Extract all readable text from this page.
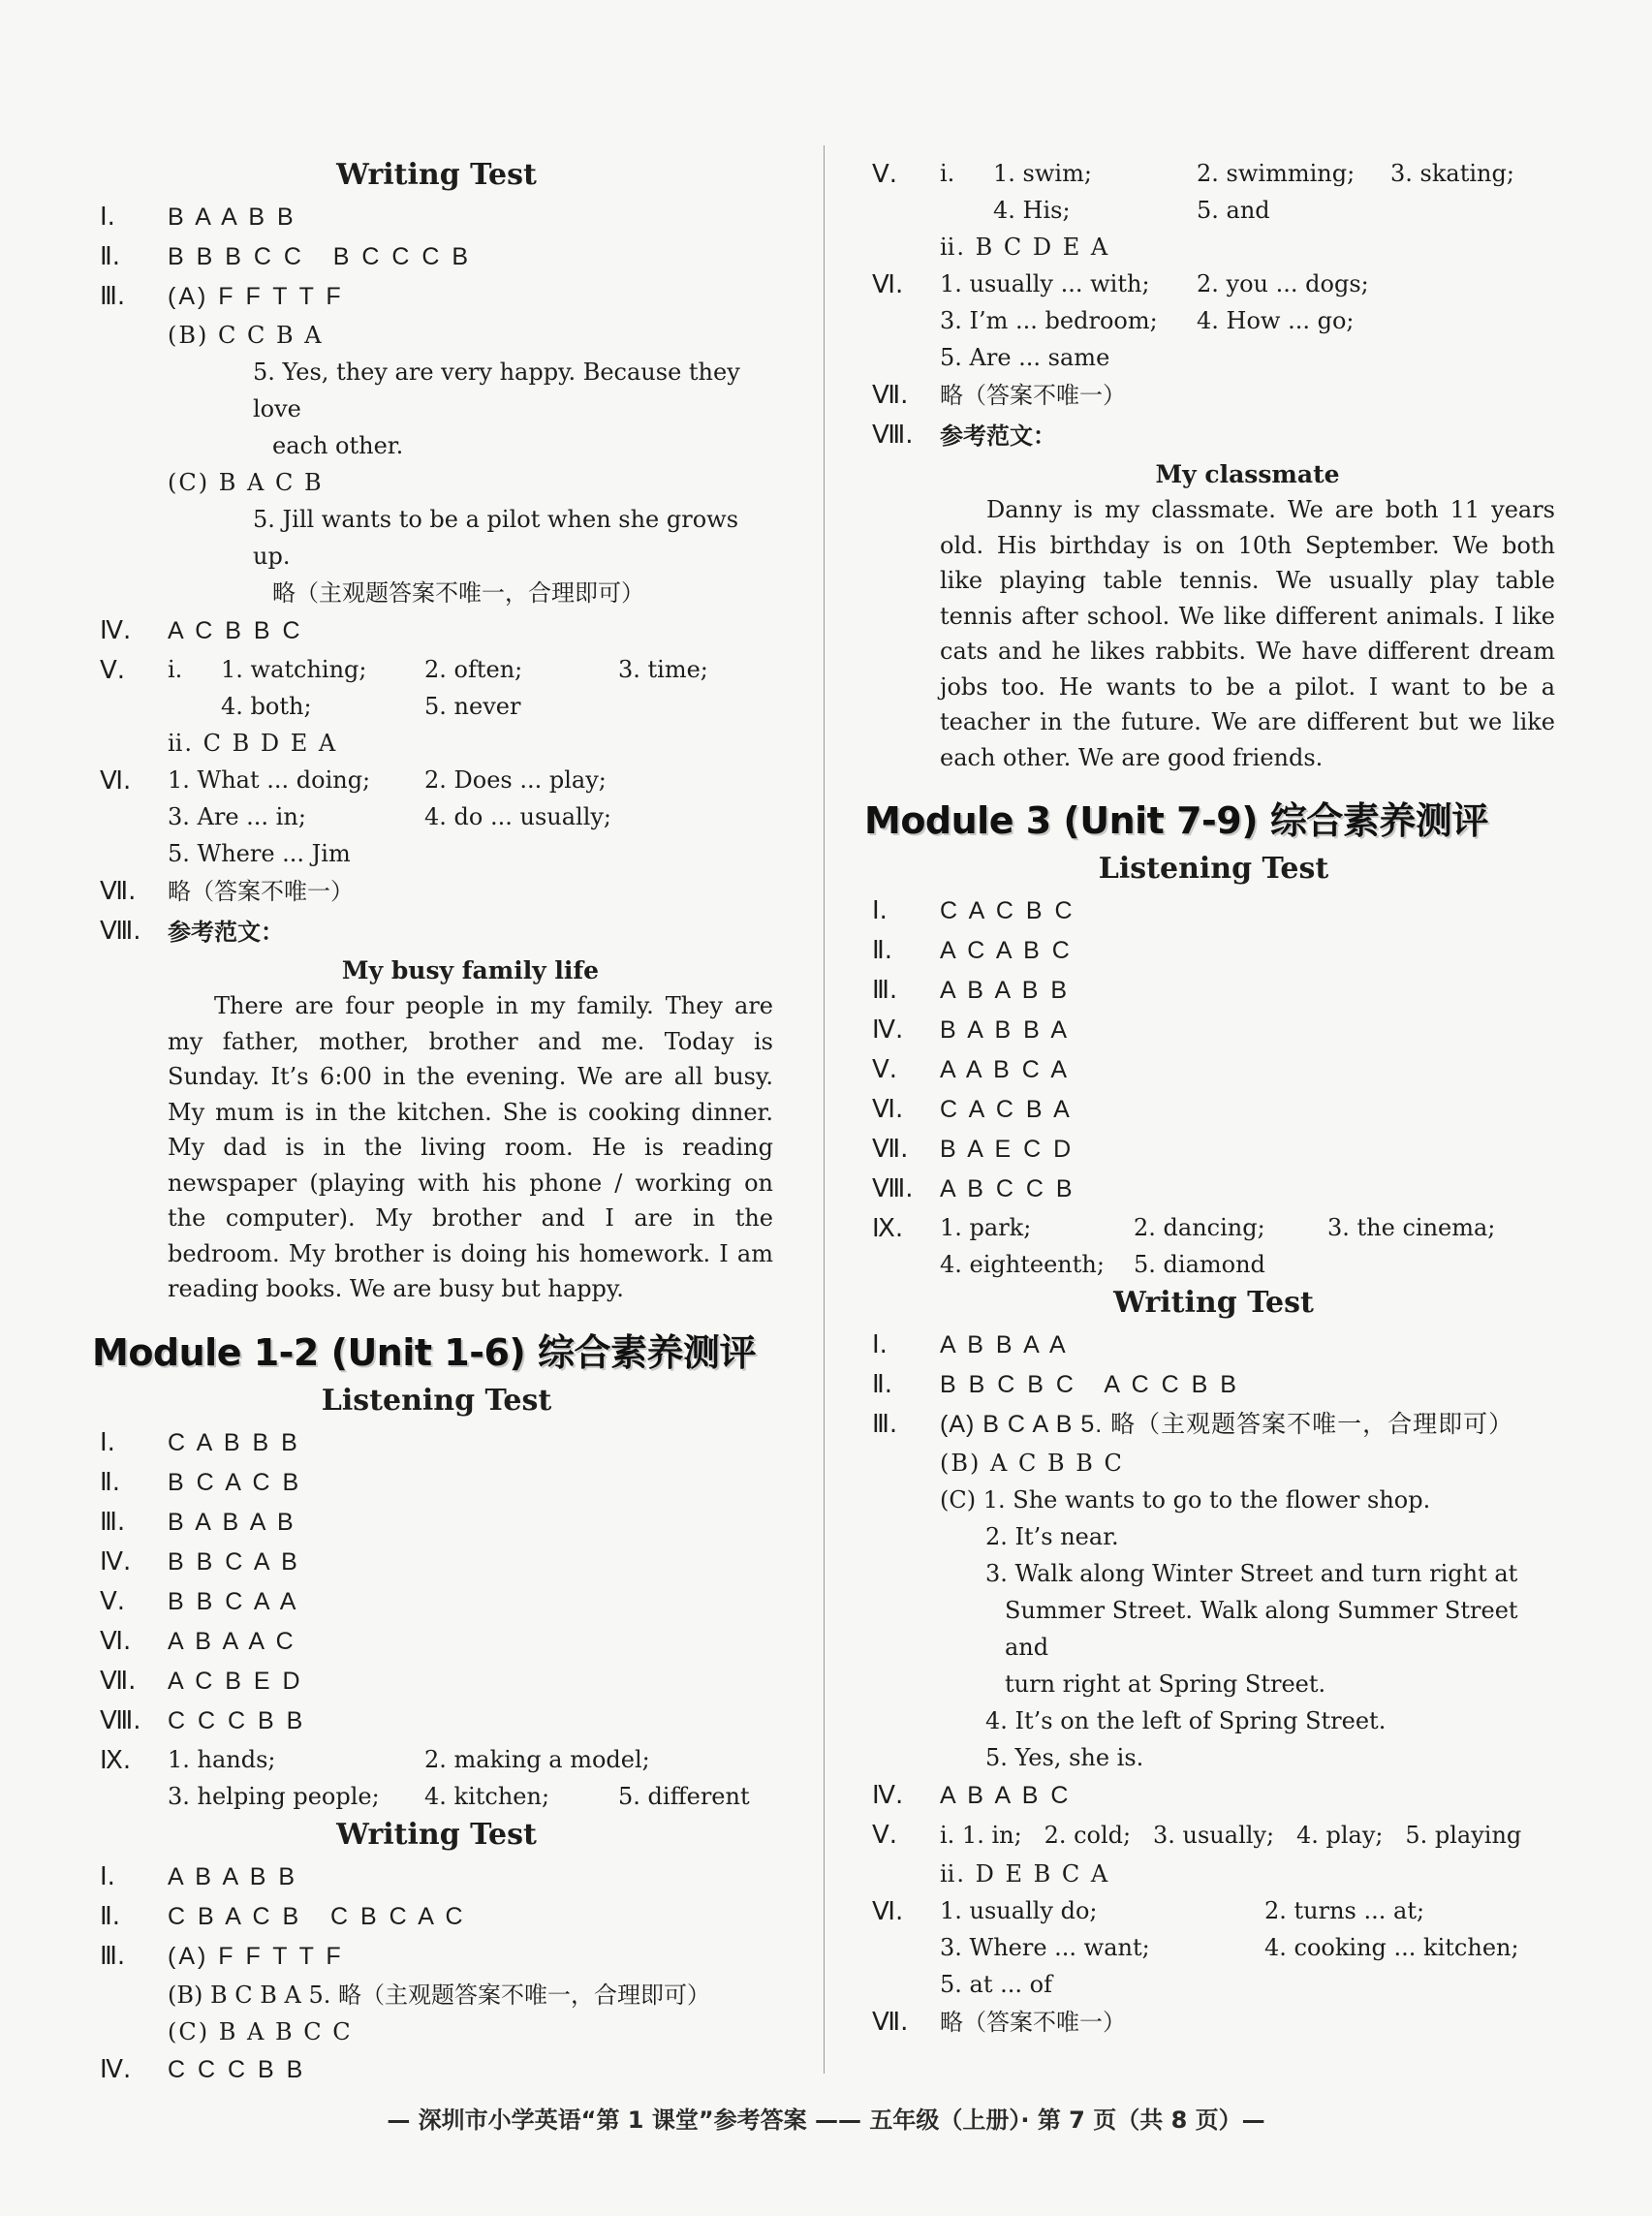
Writing Test
Ⅰ.	B A A B B
Ⅱ.	B B B C C   B C C C B
Ⅲ.	(A) F F T T F
(B) C C B A
5. Yes, they are very happy. Because they love
each other.
(C) B A C B
5. Jill wants to be a pilot when she grows up.
略（主观题答案不唯一，合理即可）
Ⅳ.	A C B B C
Ⅴ.	ⅰ.	1. watching;	2. often;	3. time;
4. both;	5. never
ⅱ. C B D E A
Ⅵ.	1. What ... doing;	2. Does ... play;
3. Are ... in;	4. do ... usually;
5. Where ... Jim
Ⅶ.	略（答案不唯一）
Ⅷ.	参考范文：
My busy family life
There are four people in my family. They are my father, mother, brother and me. Today is Sunday. It’s 6:00 in the evening. We are all busy. My mum is in the kitchen. She is cooking dinner. My dad is in the living room. He is reading newspaper (playing with his phone / working on the computer). My brother and I are in the bedroom. My brother is doing his homework. I am reading books. We are busy but happy.
Module 1-2 (Unit 1-6) 综合素养测评
Listening Test
Ⅰ.	C A B B B
Ⅱ.	B C A C B
Ⅲ.	B A B A B
Ⅳ.	B B C A B
Ⅴ.	B B C A A
Ⅵ.	A B A A C
Ⅶ.	A C B E D
Ⅷ.	C C C B B
Ⅸ.	1. hands;	2. making a model;
3. helping people;	4. kitchen;	5. different
Writing Test
Ⅰ.	A B A B B
Ⅱ.	C B A C B   C B C A C
Ⅲ.	(A) F F T T F
(B) B C B A 5. 略（主观题答案不唯一，合理即可）
(C) B A B C C
Ⅳ.	C C C B B
Ⅴ.	ⅰ.	1. swim;	2. swimming;	3. skating;
4. His;	5. and
ⅱ. B C D E A
Ⅵ.	1. usually ... with;	2. you ... dogs;
3. I’m ... bedroom;	4. How ... go;
5. Are ... same
Ⅶ.	略（答案不唯一）
Ⅷ.	参考范文：
My classmate
Danny is my classmate. We are both 11 years old. His birthday is on 10th September. We both like playing table tennis. We usually play table tennis after school. We like different animals. I like cats and he likes rabbits. We have different dream jobs too. He wants to be a pilot. I want to be a teacher in the future. We are different but we like each other. We are good friends.
Module 3 (Unit 7-9) 综合素养测评
Listening Test
Ⅰ.	C A C B C
Ⅱ.	A C A B C
Ⅲ.	A B A B B
Ⅳ.	B A B B A
Ⅴ.	A A B C A
Ⅵ.	C A C B A
Ⅶ.	B A E C D
Ⅷ.	A B C C B
Ⅸ.	1. park;	2. dancing;	3. the cinema;
4. eighteenth;	5. diamond
Writing Test
Ⅰ.	A B B A A
Ⅱ.	B B C B C   A C C B B
Ⅲ.	(A) B C A B 5. 略（主观题答案不唯一，合理即可）
(B) A C B B C
(C) 1. She wants to go to the flower shop.
2. It’s near.
3. Walk along Winter Street and turn right at
Summer Street. Walk along Summer Street and
turn right at Spring Street.
4. It’s on the left of Spring Street.
5. Yes, she is.
Ⅳ.	A B A B C
Ⅴ.	ⅰ. 1. in;   2. cold;   3. usually;   4. play;   5. playing
ⅱ. D E B C A
Ⅵ.	1. usually do;	2. turns ... at;
3. Where ... want;	4. cooking ... kitchen;
5. at ... of
Ⅶ.	略（答案不唯一）
— 深圳市小学英语“第 1 课堂”参考答案 —— 五年级（上册）· 第 7 页（共 8 页）—
